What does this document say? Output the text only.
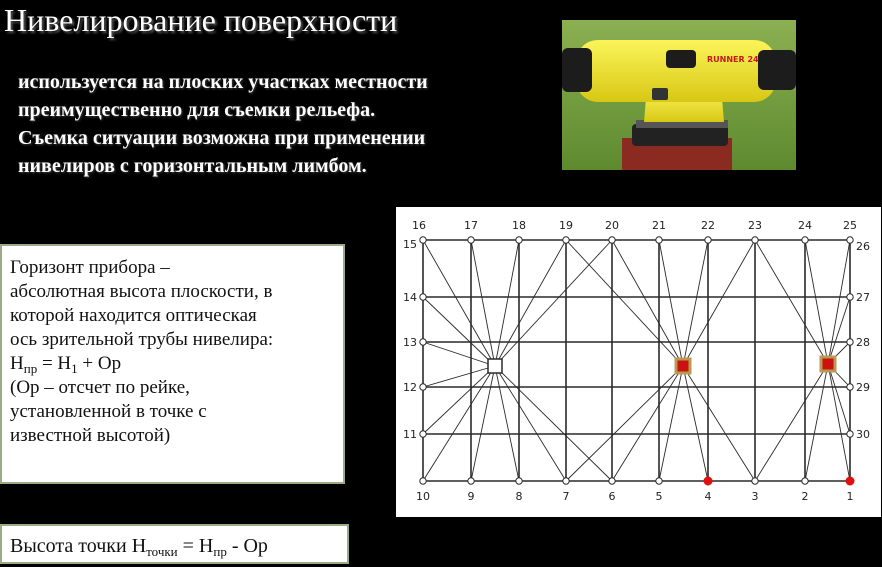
Нивелирование поверхности
используется на плоских участках местности
преимущественно для съемки рельефа.
Съемка ситуации возможна при применении
нивелиров с горизонтальным лимбом.
RUNNER 24
Горизонт прибора –
абсолютная высота плоскости, в
которой находится оптическая
ось зрительной трубы нивелира:
$H_{пр} = H_1 + Op$
(Op – отсчет по рейке,
установленной в точке с
известной высотой)
Высота точки $H_{точки} = H_{пр} - Op$
16	17	18	19	20	21	22	23	24	25
10	9	8	7	6	5	4	3	2	1
15
14
13
12
11
26
27
28
29
30
